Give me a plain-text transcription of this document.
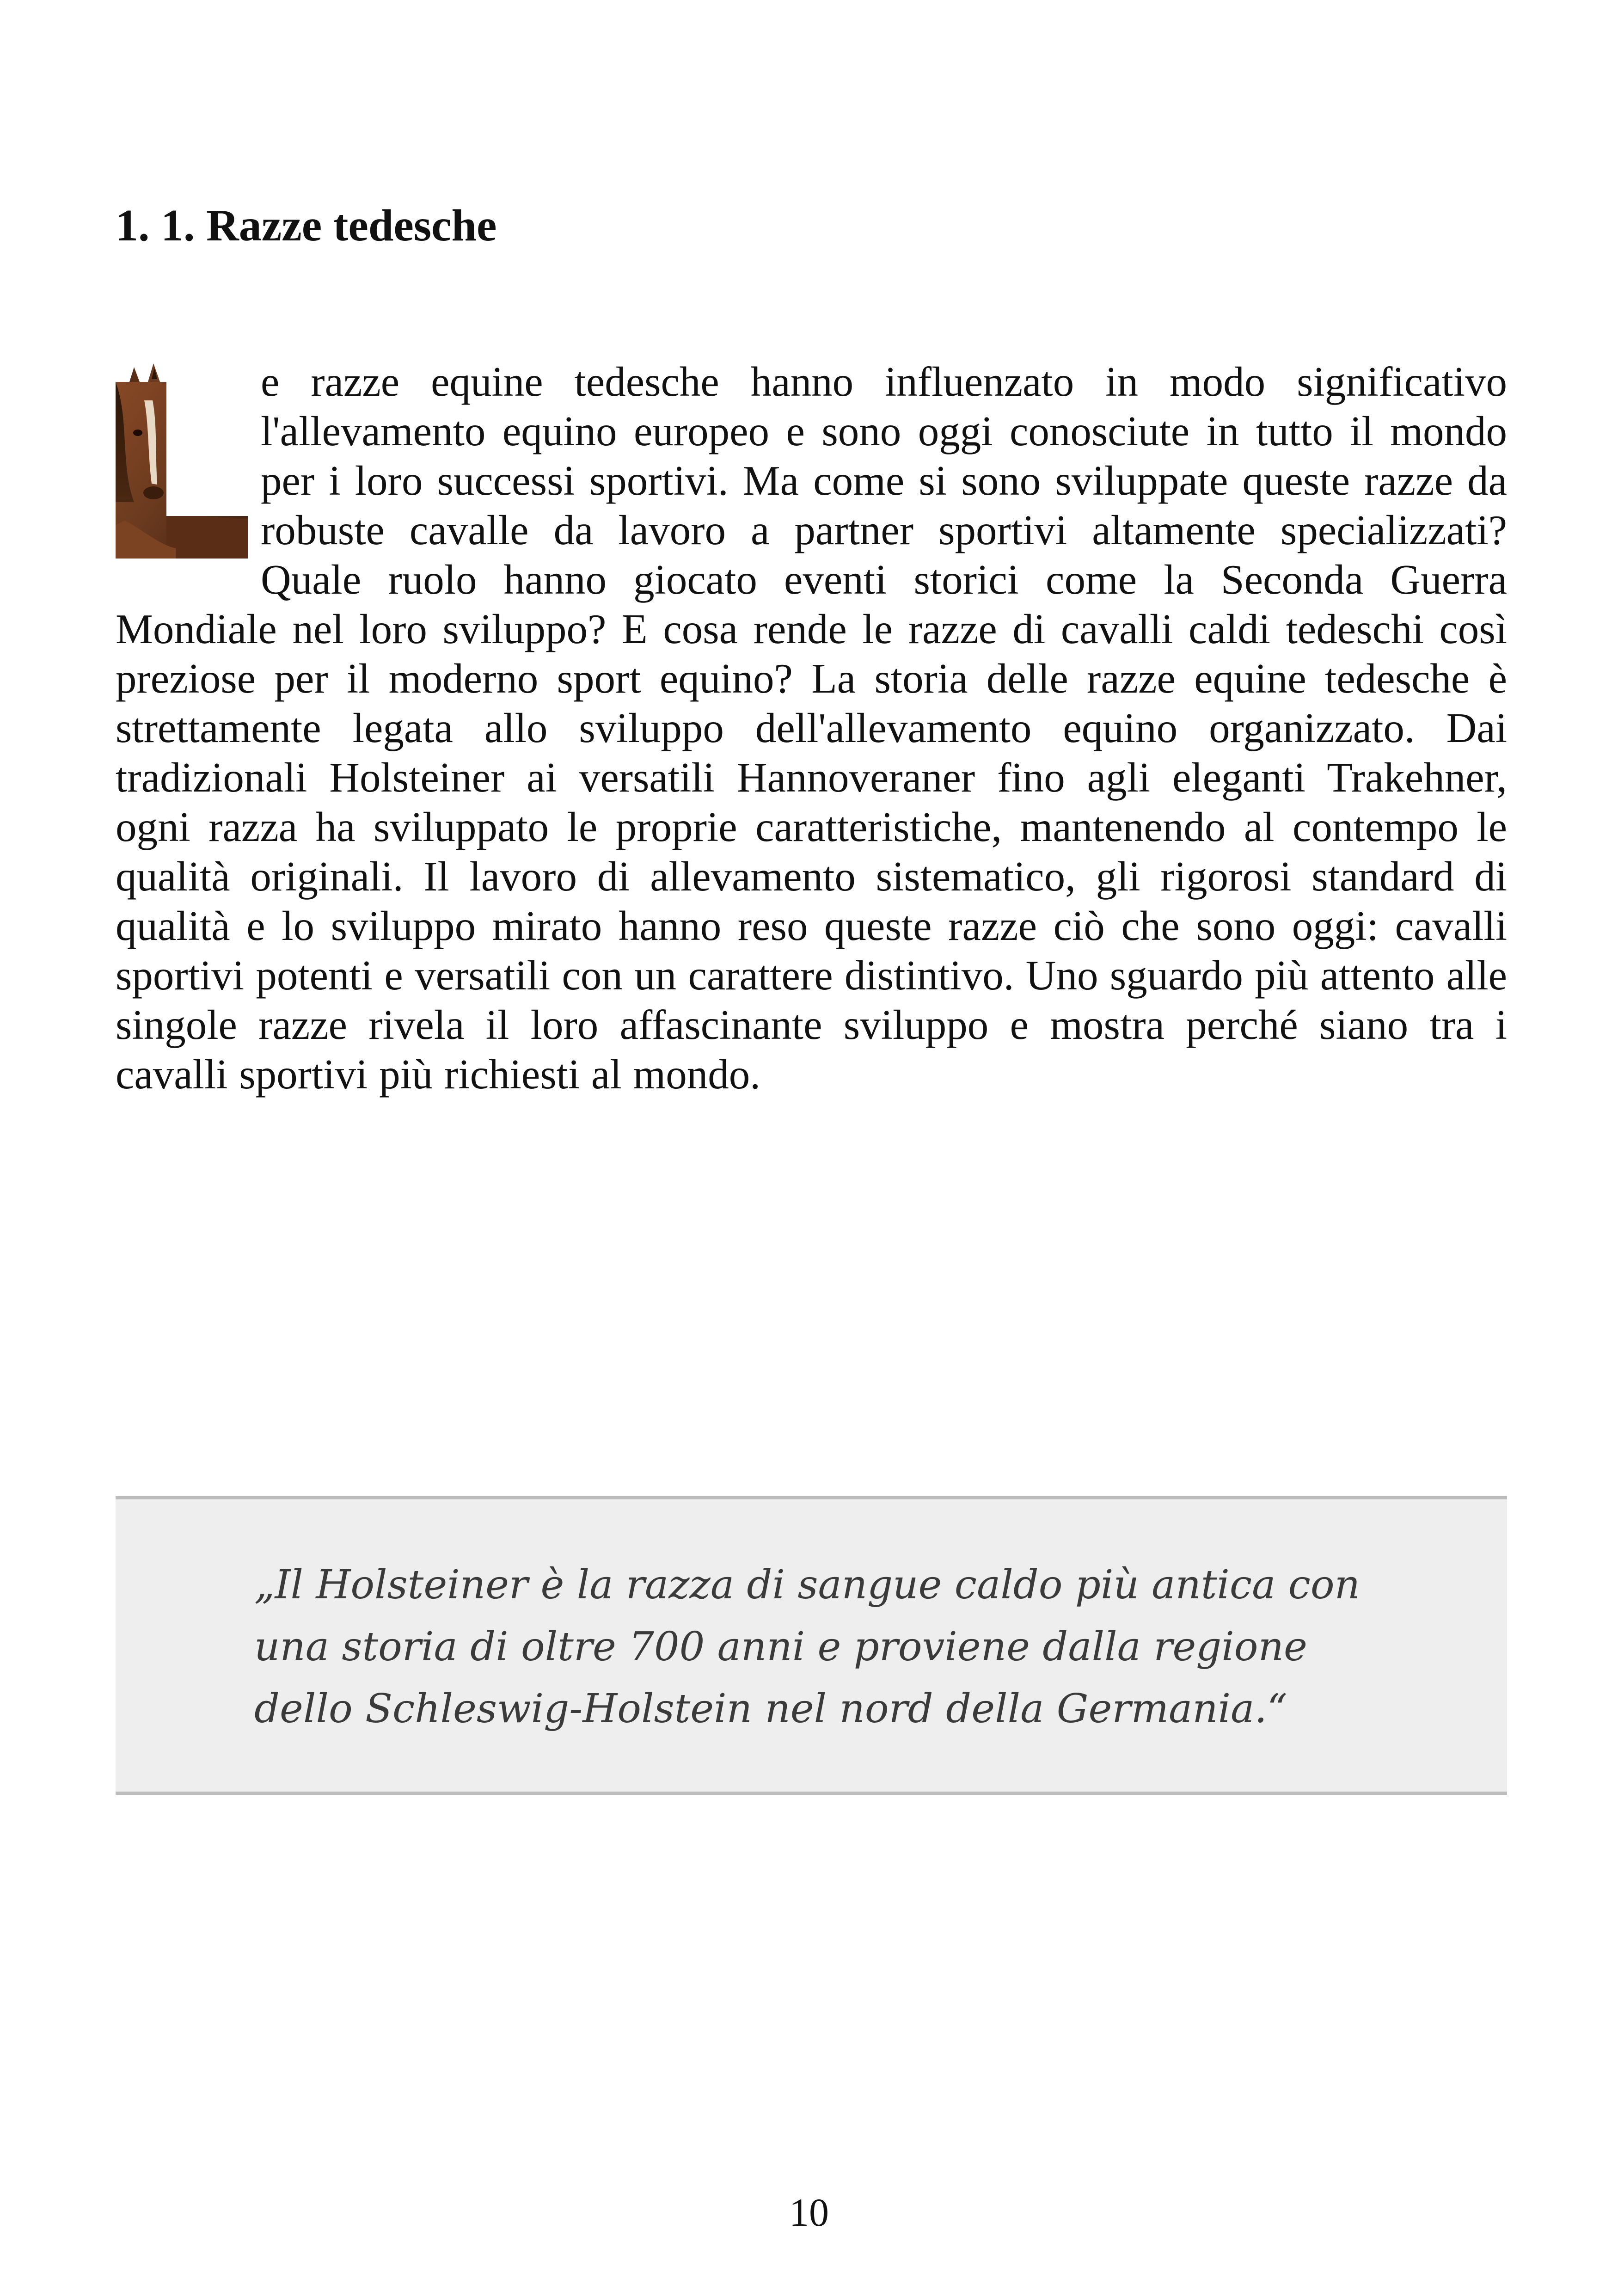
1. 1. Razze tedesche
e razze equine tedesche hanno influenzato in modo significativo l'allevamento equino europeo e sono oggi conosciute in tutto il mondo per i loro successi sportivi. Ma come si sono sviluppate queste razze da robuste cavalle da lavoro a partner sportivi altamente specializzati? Quale ruolo hanno giocato eventi storici come la Seconda Guerra Mondiale nel loro sviluppo? E cosa rende le razze di cavalli caldi tedeschi così preziose per il moderno sport equino? La storia delle razze equine tedesche è strettamente legata allo sviluppo dell'allevamento equino organizzato. Dai tradizionali Holsteiner ai versatili Hannoveraner fino agli eleganti Trakehner, ogni razza ha sviluppato le proprie caratteristiche, mantenendo al contempo le qualità originali. Il lavoro di allevamento sistematico, gli rigorosi standard di qualità e lo sviluppo mirato hanno reso queste razze ciò che sono oggi: cavalli sportivi potenti e versatili con un carattere distintivo. Uno sguardo più attento alle singole razze rivela il loro affascinante sviluppo e mostra perché siano tra i cavalli sportivi più richiesti al mondo.

„Il Holsteiner è la razza di sangue caldo più antica con una storia di oltre 700 anni e proviene dalla regione dello Schleswig-Holstein nel nord della Germania.“

10
